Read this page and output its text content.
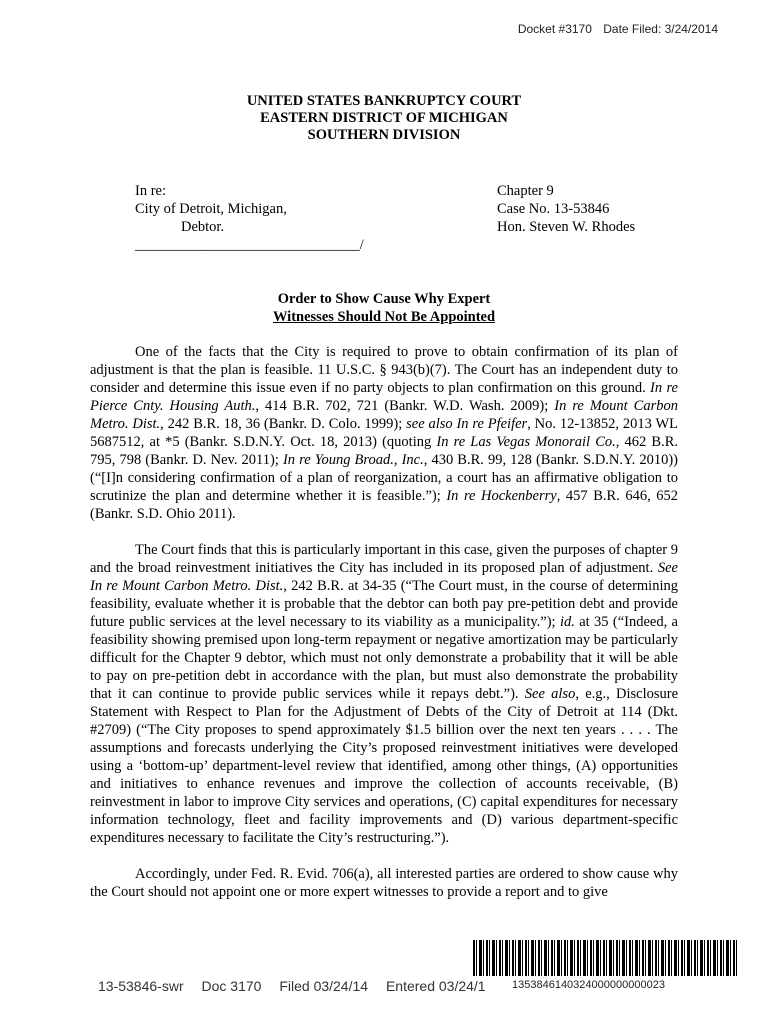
Docket #3170 Date Filed: 3/24/2014
UNITED STATES BANKRUPTCY COURT
EASTERN DISTRICT OF MICHIGAN
SOUTHERN DIVISION
In re:
City of Detroit, Michigan,
Debtor.
_______________________________/
Chapter 9
Case No. 13-53846
Hon. Steven W. Rhodes
Order to Show Cause Why Expert
Witnesses Should Not Be Appointed

One of the facts that the City is required to prove to obtain confirmation of its plan of adjustment is that the plan is feasible. 11 U.S.C. § 943(b)(7). The Court has an independent duty to consider and determine this issue even if no party objects to plan confirmation on this ground. In re Pierce Cnty. Housing Auth., 414 B.R. 702, 721 (Bankr. W.D. Wash. 2009); In re Mount Carbon Metro. Dist., 242 B.R. 18, 36 (Bankr. D. Colo. 1999); see also In re Pfeifer, No. 12-13852, 2013 WL 5687512, at *5 (Bankr. S.D.N.Y. Oct. 18, 2013) (quoting In re Las Vegas Monorail Co., 462 B.R. 795, 798 (Bankr. D. Nev. 2011); In re Young Broad., Inc., 430 B.R. 99, 128 (Bankr. S.D.N.Y. 2010)) (“[I]n considering confirmation of a plan of reorganization, a court has an affirmative obligation to scrutinize the plan and determine whether it is feasible.”); In re Hockenberry, 457 B.R. 646, 652 (Bankr. S.D. Ohio 2011).

The Court finds that this is particularly important in this case, given the purposes of chapter 9 and the broad reinvestment initiatives the City has included in its proposed plan of adjustment. See In re Mount Carbon Metro. Dist., 242 B.R. at 34-35 (“The Court must, in the course of determining feasibility, evaluate whether it is probable that the debtor can both pay pre-petition debt and provide future public services at the level necessary to its viability as a municipality.”); id. at 35 (“Indeed, a feasibility showing premised upon long-term repayment or negative amortization may be particularly difficult for the Chapter 9 debtor, which must not only demonstrate a probability that it will be able to pay on pre-petition debt in accordance with the plan, but must also demonstrate the probability that it can continue to provide public services while it repays debt.”). See also, e.g., Disclosure Statement with Respect to Plan for the Adjustment of Debts of the City of Detroit at 114 (Dkt. #2709) (“The City proposes to spend approximately $1.5 billion over the next ten years . . . . The assumptions and forecasts underlying the City’s proposed reinvestment initiatives were developed using a ‘bottom-up’ department-level review that identified, among other things, (A) opportunities and initiatives to enhance revenues and improve the collection of accounts receivable, (B) reinvestment in labor to improve City services and operations, (C) capital expenditures for necessary information technology, fleet and facility improvements and (D) various department-specific expenditures necessary to facilitate the City’s restructuring.”).

Accordingly, under Fed. R. Evid. 706(a), all interested parties are ordered to show cause why the Court should not appoint one or more expert witnesses to provide a report and to give

1353846140324000000000023
13-53846-swr Doc 3170 Filed 03/24/14 Entered 03/24/1
